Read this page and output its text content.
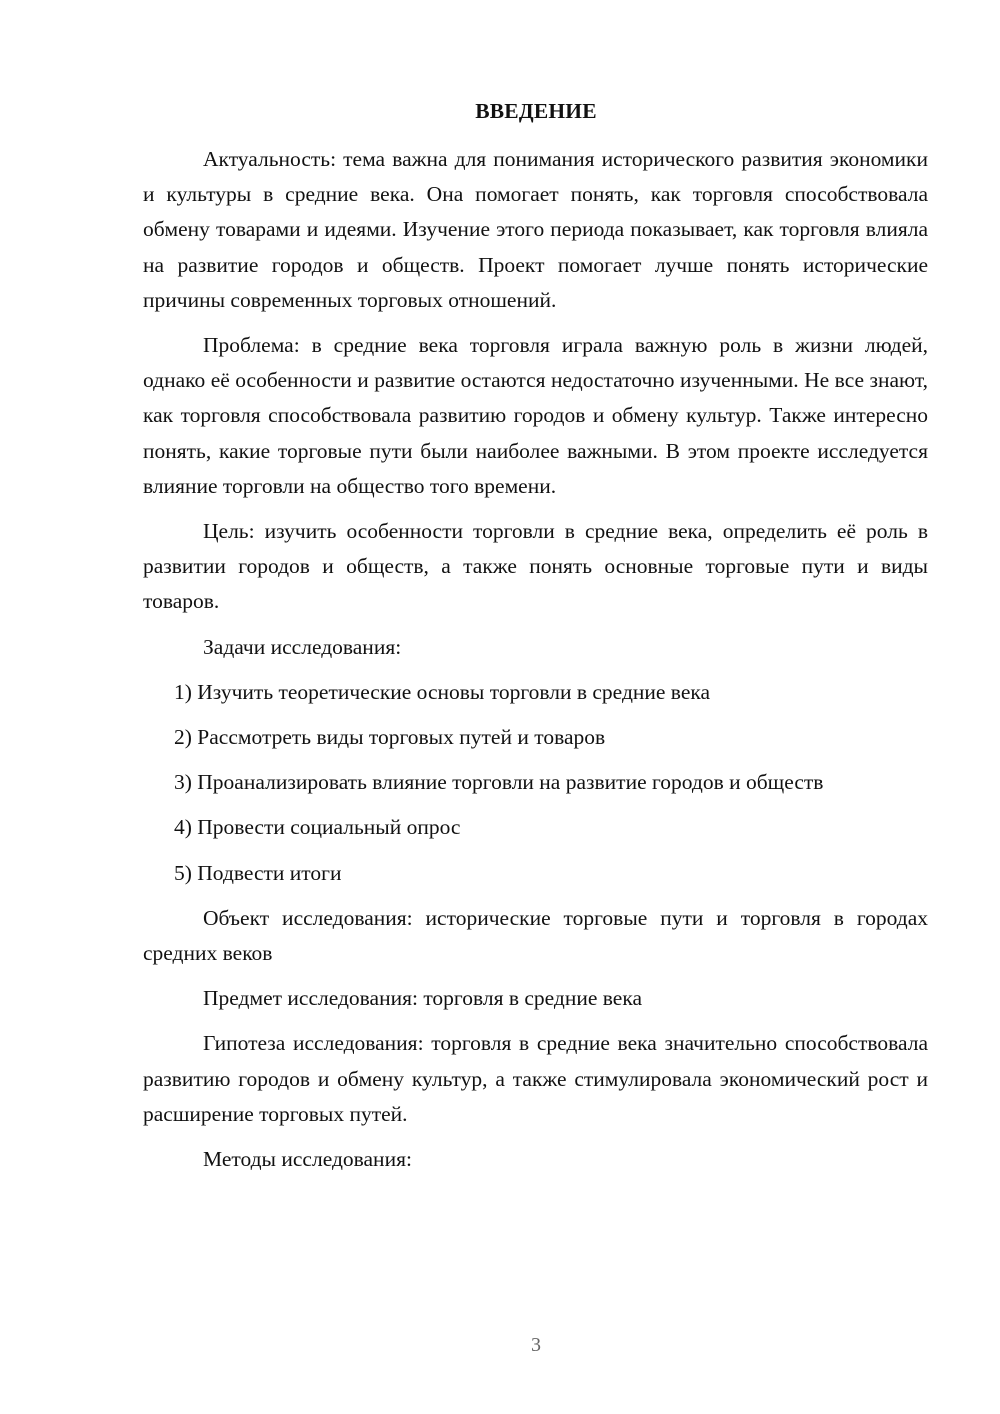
ВВЕДЕНИЕ

Актуальность: тема важна для понимания исторического развития экономики и культуры в средние века. Она помогает понять, как торговля способствовала обмену товарами и идеями. Изучение этого периода показывает, как торговля влияла на развитие городов и обществ. Проект помогает лучше понять исторические причины современных торговых отношений.

Проблема: в средние века торговля играла важную роль в жизни людей, однако её особенности и развитие остаются недостаточно изученными. Не все знают, как торговля способствовала развитию городов и обмену культур. Также интересно понять, какие торговые пути были наиболее важными. В этом проекте исследуется влияние торговли на общество того времени.

Цель: изучить особенности торговли в средние века, определить её роль в развитии городов и обществ, а также понять основные торговые пути и виды товаров.

Задачи исследования:

1) Изучить теоретические основы торговли в средние века

2) Рассмотреть виды торговых путей и товаров

3) Проанализировать влияние торговли на развитие городов и обществ

4) Провести социальный опрос

5) Подвести итоги

Объект исследования: исторические торговые пути и торговля в городах средних веков

Предмет исследования: торговля в средние века

Гипотеза исследования: торговля в средние века значительно способствовала развитию городов и обмену культур, а также стимулировала экономический рост и расширение торговых путей.

Методы исследования:

3
